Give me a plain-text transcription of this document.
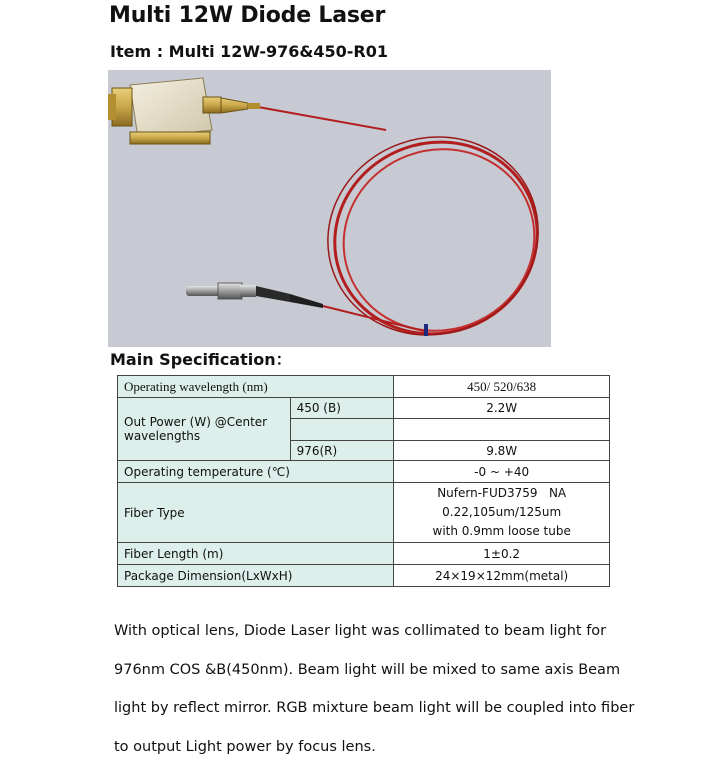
Multi 12W Diode Laser
Item : Multi 12W-976&450-R01
Main Specification：
Operating wavelength (nm)		450/ 520/638
Out Power (W) @Center wavelengths	450 (B)	2.2W

	976(R)	9.8W
Operating temperature (℃)		-0 ~ +40
Fiber Type		Nufern-FUD3759   NA
0.22,105um/125um
with 0.9mm loose tube

Fiber Length (m)		1±0.2
Package Dimension(LxWxH)		24×19×12mm(metal)
With optical lens, Diode Laser light was collimated to beam light for
976nm COS &B(450nm). Beam light will be mixed to same axis Beam
light by reflect mirror. RGB mixture beam light will be coupled into fiber
to output Light power by focus lens.
